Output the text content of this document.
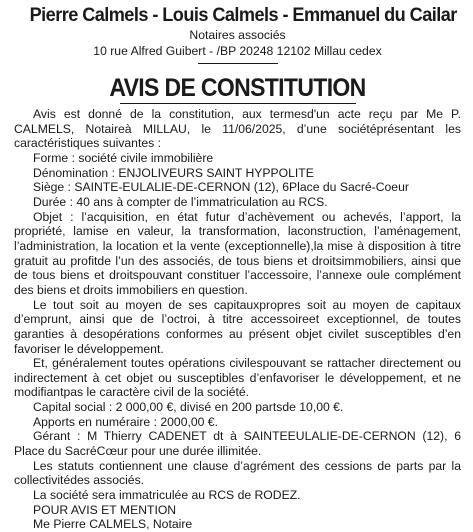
Pierre Calmels - Louis Calmels - Emmanuel du Cailar
Notaires associés
10 rue Alfred Guibert - /BP 20248 12102 Millau cedex
AVIS DE CONSTITUTION

Avis est donné de la constitution, aux termesd'un acte reçu par Me P. CALMELS, Notaireà MILLAU, le 11/06/2025, d’une sociétéprésentant les caractéristiques suivantes :

Forme : société civile immobilière

Dénomination : ENJOLIVEURS SAINT HYPPOLITE

Siège : SAINTE-EULALIE-DE-CERNON (12), 6Place du Sacré-Coeur

Durée : 40 ans à compter de l’immatriculation au RCS.

Objet : l’acquisition, en état futur d’achèvement ou achevés, l’apport, la propriété, lamise en valeur, la transformation, laconstruction, l’aménagement, l’administration, la location et la vente (exceptionnelle),la mise à disposition à titre gratuit au profitde l’un des associés, de tous biens et droitsimmobiliers, ainsi que de tous biens et droitspouvant constituer l’accessoire, l’annexe oule complément des biens et droits immobiliers en question.

Le tout soit au moyen de ses capitauxpropres soit au moyen de capitaux d’emprunt, ainsi que de l’octroi, à titre accessoireet exceptionnel, de toutes garanties à desopérations conformes au présent objet civilet susceptibles d’en favoriser le développement.

Et, généralement toutes opérations civilespouvant se rattacher directement ou indirectement à cet objet ou susceptibles d’enfavoriser le développement, et ne modifiantpas le caractère civil de la société.

Capital social : 2 000,00 €, divisé en 200 partsde 10,00 €.

Apports en numéraire : 2000,00 €.

Gérant : M Thierry CADENET dt à SAINTEEULALIE-DE-CERNON (12), 6 Place du SacréCœur pour une durée illimitée.

Les statuts contiennent une clause d’agrément des cessions de parts par la collectivitédes associés.

La société sera immatriculée au RCS de RODEZ.

POUR AVIS ET MENTION

Me Pierre CALMELS, Notaire
